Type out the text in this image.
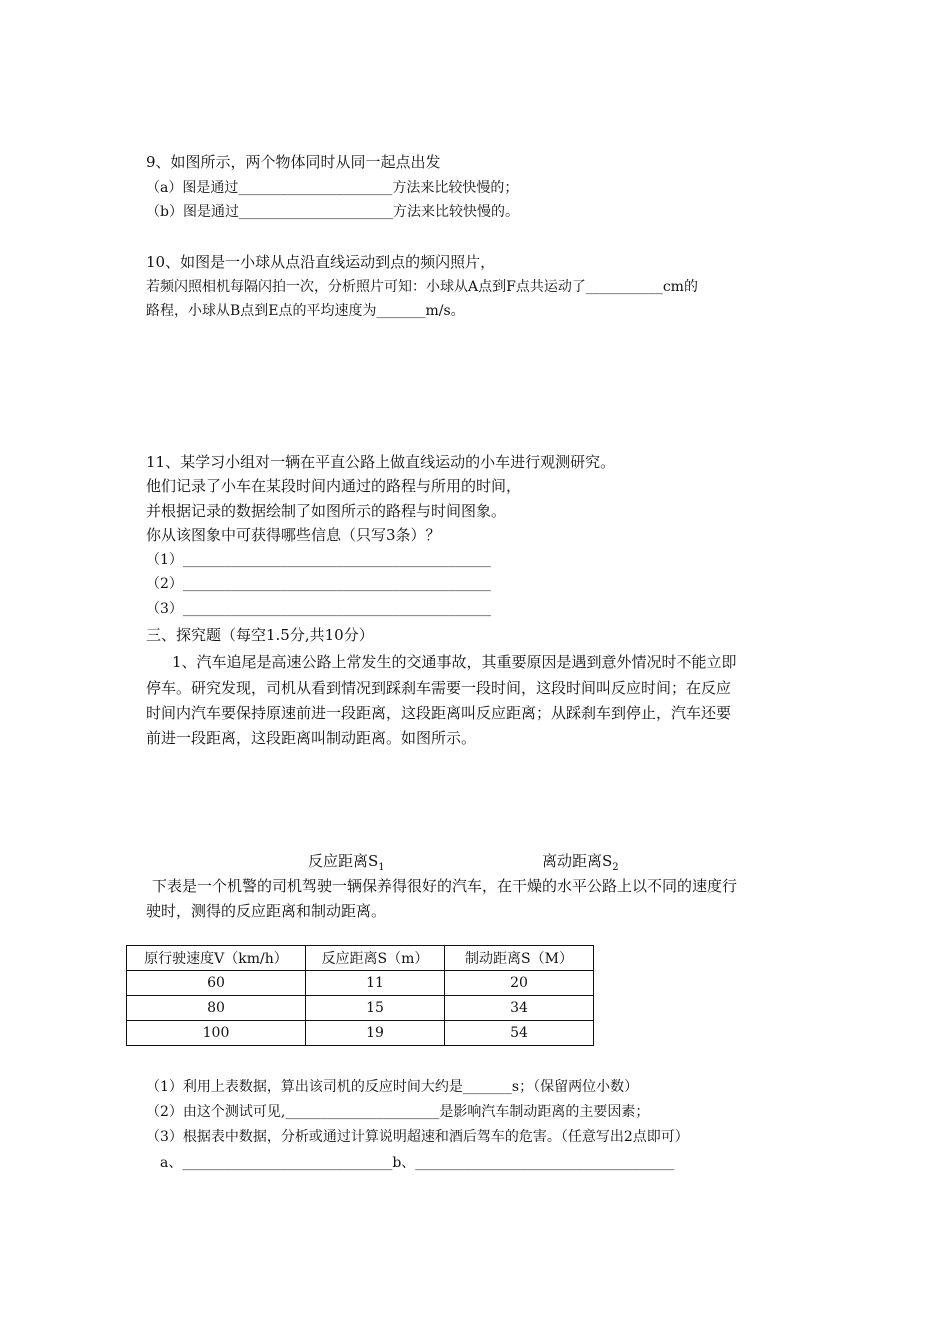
9、如图所示，两个物体同时从同一起点出发
（a）图是通过______________________方法来比较快慢的；
（b）图是通过______________________方法来比较快慢的。
10、如图是一小球从点沿直线运动到点的频闪照片，
若频闪照相机每隔闪拍一次，分析照片可知：小球从A点到F点共运动了___________cm的
路程，小球从B点到E点的平均速度为_______m/s。
11、某学习小组对一辆在平直公路上做直线运动的小车进行观测研究。
他们记录了小车在某段时间内通过的路程与所用的时间，
并根据记录的数据绘制了如图所示的路程与时间图象。
你从该图象中可获得哪些信息（只写3条）？
（1）____________________________________________
（2）____________________________________________
（3）____________________________________________
三、探究题（每空1.5分,共10分）
1、汽车追尾是高速公路上常发生的交通事故，其重要原因是遇到意外情况时不能立即
停车。研究发现，司机从看到情况到踩刹车需要一段时间，这段时间叫反应时间；在反应
时间内汽车要保持原速前进一段距离，这段距离叫反应距离；从踩刹车到停止，汽车还要
前进一段距离，这段距离叫制动距离。如图所示。
反应距离$S_1$	离动距离$S_2$
下表是一个机警的司机驾驶一辆保养得很好的汽车，在干燥的水平公路上以不同的速度行
驶时，测得的反应距离和制动距离。
原行驶速度V（km/h）	反应距离S（m）	制动距离S（M）
60	11	20
80	15	34
100	19	54
（1）利用上表数据，算出该司机的反应时间大约是_______s；（保留两位小数）
（2）由这个测试可见,______________________是影响汽车制动距离的主要因素；
（3）根据表中数据，分析或通过计算说明超速和酒后驾车的危害。（任意写出2点即可）
a、______________________________b、_____________________________________
